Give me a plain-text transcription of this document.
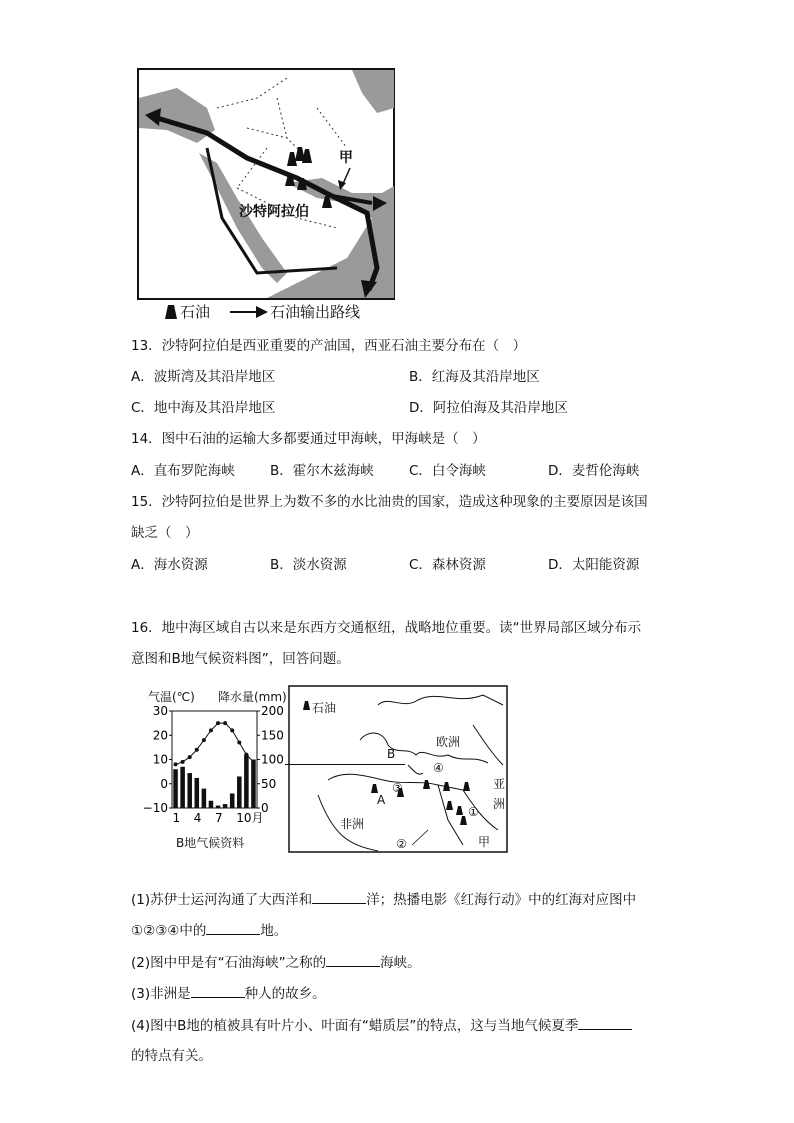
沙特阿拉伯
甲
石油	石油输出路线
13．沙特阿拉伯是西亚重要的产油国，西亚石油主要分布在（　）
A．波斯湾及其沿岸地区	B．红海及其沿岸地区
C．地中海及其沿岸地区	D．阿拉伯海及其沿岸地区
14．图中石油的运输大多都要通过甲海峡，甲海峡是（　）
A．直布罗陀海峡	B．霍尔木兹海峡	C．白令海峡	D．麦哲伦海峡
15．沙特阿拉伯是世界上为数不多的水比油贵的国家，造成这种现象的主要原因是该国
缺乏（　）
A．海水资源	B．淡水资源	C．森林资源	D．太阳能资源
16．地中海区域自古以来是东西方交通枢纽，战略地位重要。读“世界局部区域分布示
意图和B地气候资料图”，回答问题。
气温(℃) 降水量(mm)
30	200
20	150
10	100
0	50
−10	0
1 4 7 10月
B地气候资料
石油
欧洲
非洲
亚
洲
A
B
甲
①
②
③
④
(1)苏伊士运河沟通了大西洋和	洋；热播电影《红海行动》中的红海对应图中
①②③④中的	地。
(2)图中甲是有“石油海峡”之称的	海峡。
(3)非洲是	种人的故乡。
(4)图中B地的植被具有叶片小、叶面有“蜡质层”的特点，这与当地气候夏季
的特点有关。
